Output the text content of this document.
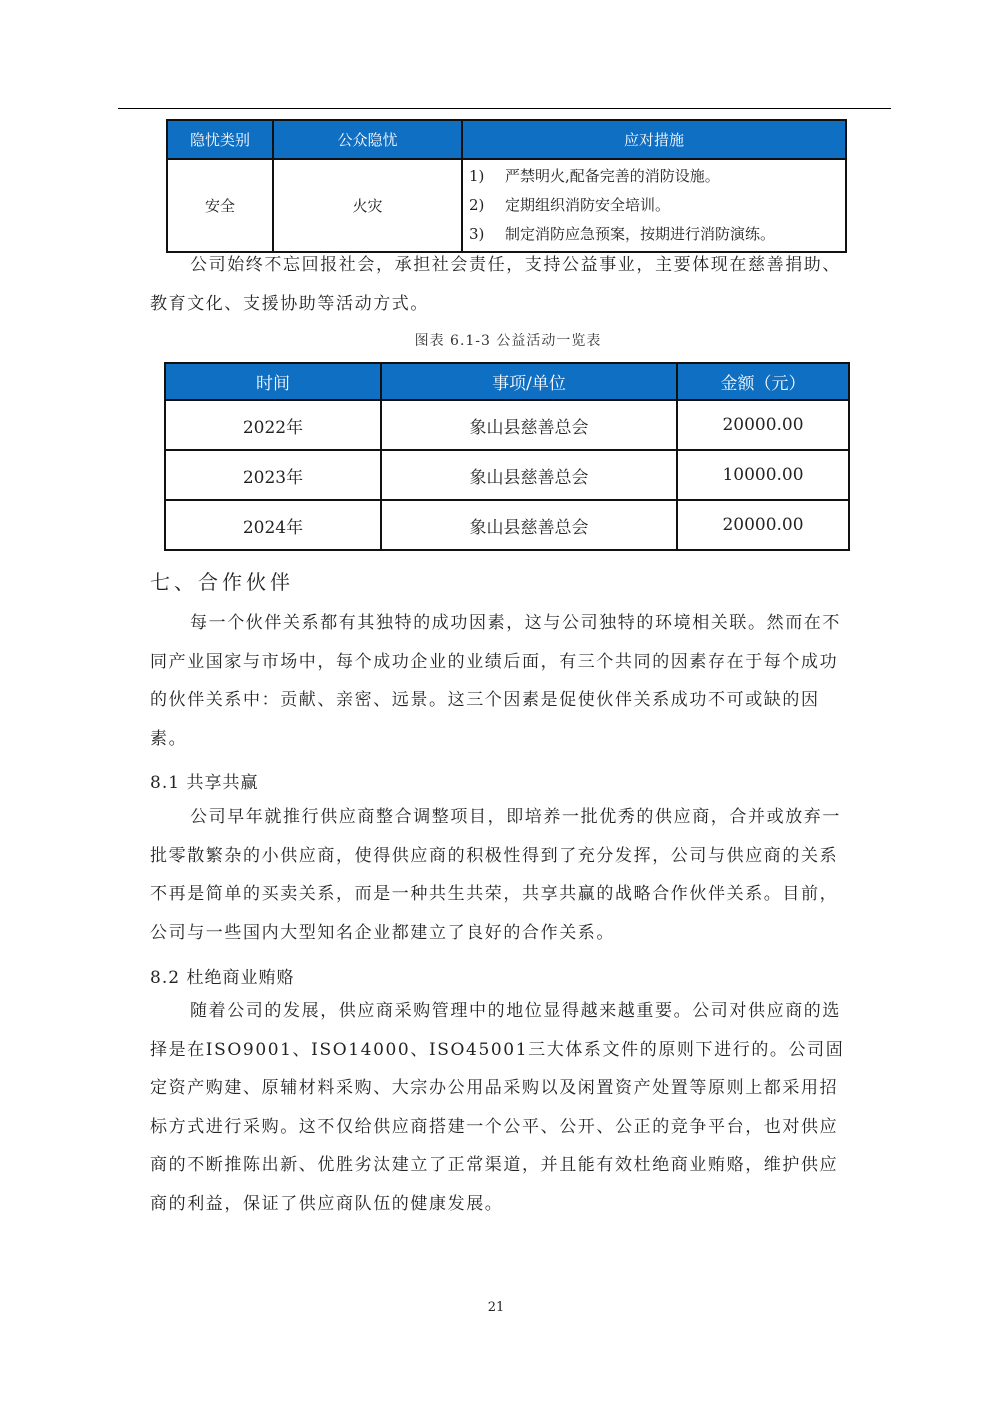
隐忧类别	公众隐忧	应对措施
安全	火灾	1) 严禁明火,配备完善的消防设施。
2) 定期组织消防安全培训。
3) 制定消防应急预案，按期进行消防演练。
公司始终不忘回报社会，承担社会责任，支持公益事业，主要体现在慈善捐助、教育文化、支援协助等活动方式。
图表 6.1-3 公益活动一览表
时间	事项/单位	金额（元）
2022年	象山县慈善总会	20000.00
2023年	象山县慈善总会	10000.00
2024年	象山县慈善总会	20000.00
七、合作伙伴
每一个伙伴关系都有其独特的成功因素，这与公司独特的环境相关联。然而在不同产业国家与市场中，每个成功企业的业绩后面，有三个共同的因素存在于每个成功的伙伴关系中：贡献、亲密、远景。这三个因素是促使伙伴关系成功不可或缺的因素。
8.1 共享共赢
公司早年就推行供应商整合调整项目，即培养一批优秀的供应商，合并或放弃一批零散繁杂的小供应商，使得供应商的积极性得到了充分发挥，公司与供应商的关系不再是简单的买卖关系，而是一种共生共荣，共享共赢的战略合作伙伴关系。目前，公司与一些国内大型知名企业都建立了良好的合作关系。
8.2 杜绝商业贿赂
随着公司的发展，供应商采购管理中的地位显得越来越重要。公司对供应商的选择是在ISO9001、ISO14000、ISO45001三大体系文件的原则下进行的。公司固定资产购建、原辅材料采购、大宗办公用品采购以及闲置资产处置等原则上都采用招标方式进行采购。这不仅给供应商搭建一个公平、公开、公正的竞争平台，也对供应商的不断推陈出新、优胜劣汰建立了正常渠道，并且能有效杜绝商业贿赂，维护供应商的利益，保证了供应商队伍的健康发展。
21
